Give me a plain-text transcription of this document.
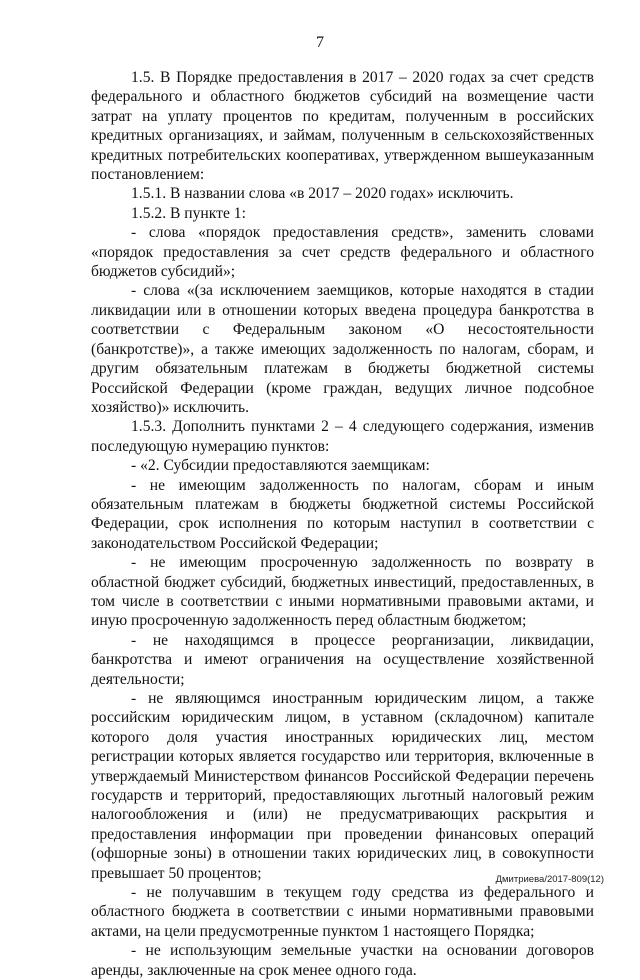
7

1.5. В Порядке предоставления в 2017 – 2020 годах за счет средств федерального и областного бюджетов субсидий на возмещение части затрат на уплату процентов по кредитам, полученным в российских кредитных организациях, и займам, полученным в сельскохозяйственных кредитных потребительских кооперативах, утвержденном вышеуказанным постановлением:

1.5.1. В названии слова «в 2017 – 2020 годах» исключить.

1.5.2. В пункте 1:

- слова «порядок предоставления средств», заменить словами «порядок предоставления за счет средств федерального и областного бюджетов субсидий»;

- слова «(за исключением заемщиков, которые находятся в стадии ликвидации или в отношении которых введена процедура банкротства в соответствии с Федеральным законом «О несостоятельности (банкротстве)», а также имеющих задолженность по налогам, сборам, и другим обязательным платежам в бюджеты бюджетной системы Российской Федерации (кроме граждан, ведущих личное подсобное хозяйство)» исключить.

1.5.3. Дополнить пунктами 2 – 4 следующего содержания, изменив последующую нумерацию пунктов:

- «2. Субсидии предоставляются заемщикам:

- не имеющим задолженность по налогам, сборам и иным обязательным платежам в бюджеты бюджетной системы Российской Федерации, срок исполнения по которым наступил в соответствии с законодательством Российской Федерации;

- не имеющим просроченную задолженность по возврату в областной бюджет субсидий, бюджетных инвестиций, предоставленных, в том числе в соответствии с иными нормативными правовыми актами, и иную просроченную задолженность перед областным бюджетом;

- не находящимся в процессе реорганизации, ликвидации, банкротства и имеют ограничения на осуществление хозяйственной деятельности;

- не являющимся иностранным юридическим лицом, а также российским юридическим лицом, в уставном (складочном) капитале которого доля участия иностранных юридических лиц, местом регистрации которых является государство или территория, включенные в утверждаемый Министерством финансов Российской Федерации перечень государств и территорий, предоставляющих льготный налоговый режим налогообложения и (или) не предусматривающих раскрытия и предоставления информации при проведении финансовых операций (офшорные зоны) в отношении таких юридических лиц, в совокупности превышает 50 процентов;

- не получавшим в текущем году средства из федерального и областного бюджета в соответствии с иными нормативными правовыми актами, на цели предусмотренные пунктом 1 настоящего Порядка;

- не использующим земельные участки на основании договоров аренды, заключенные на срок менее одного года.

Дмитриева/2017-809(12)
